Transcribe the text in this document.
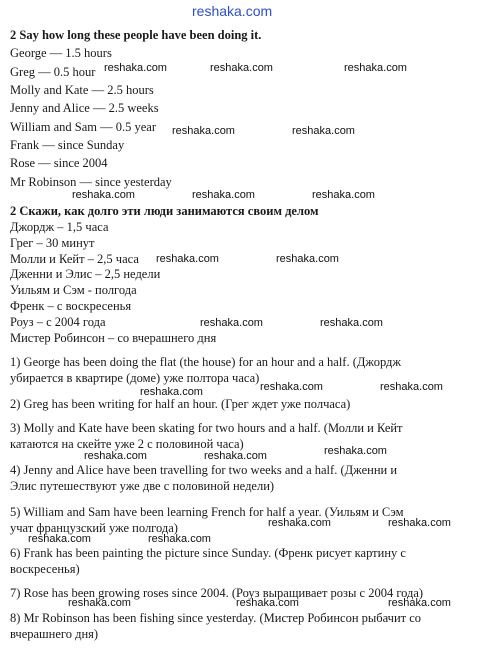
reshaka.com
2 Say how long these people have been doing it.
George — 1.5 hours
Greg — 0.5 hour
Molly and Kate — 2.5 hours
Jenny and Alice — 2.5 weeks
William and Sam — 0.5 year
Frank — since Sunday
Rose — since 2004
Mr Robinson — since yesterday
2 Скажи, как долго эти люди занимаются своим делом
Джордж – 1,5 часа
Грег – 30 минут
Молли и Кейт – 2,5 часа
Дженни и Элис – 2,5 недели
Уильям и Сэм - полгода
Френк – с воскресенья
Роуз – с 2004 года
Мистер Робинсон – со вчерашнего дня
1) George has been doing the flat (the house) for an hour and a half. (Джордж
убирается в квартире (доме) уже полтора часа)
2) Greg has been writing for half an hour. (Грег ждет уже полчаса)
3) Molly and Kate have been skating for two hours and a half. (Молли и Кейт
катаются на скейте уже 2 с половиной часа)
4) Jenny and Alice have been travelling for two weeks and a half. (Дженни и
Элис путешествуют уже две с половиной недели)
5) William and Sam have been learning French for half a year. (Уильям и Сэм
учат французский уже полгода)
6) Frank has been painting the picture since Sunday. (Френк рисует картину с
воскресенья)
7) Rose has been growing roses since 2004. (Роуз выращивает розы с 2004 года)
8) Mr Robinson has been fishing since yesterday. (Мистер Робинсон рыбачит со
вчерашнего дня)
reshaka.com	reshaka.com	reshaka.com
reshaka.com	reshaka.com
reshaka.com	reshaka.com	reshaka.com
reshaka.com	reshaka.com
reshaka.com	reshaka.com
reshaka.com	reshaka.com
reshaka.com
reshaka.com
reshaka.com	reshaka.com
reshaka.com	reshaka.com
reshaka.com	reshaka.com
reshaka.com	reshaka.com	reshaka.com
